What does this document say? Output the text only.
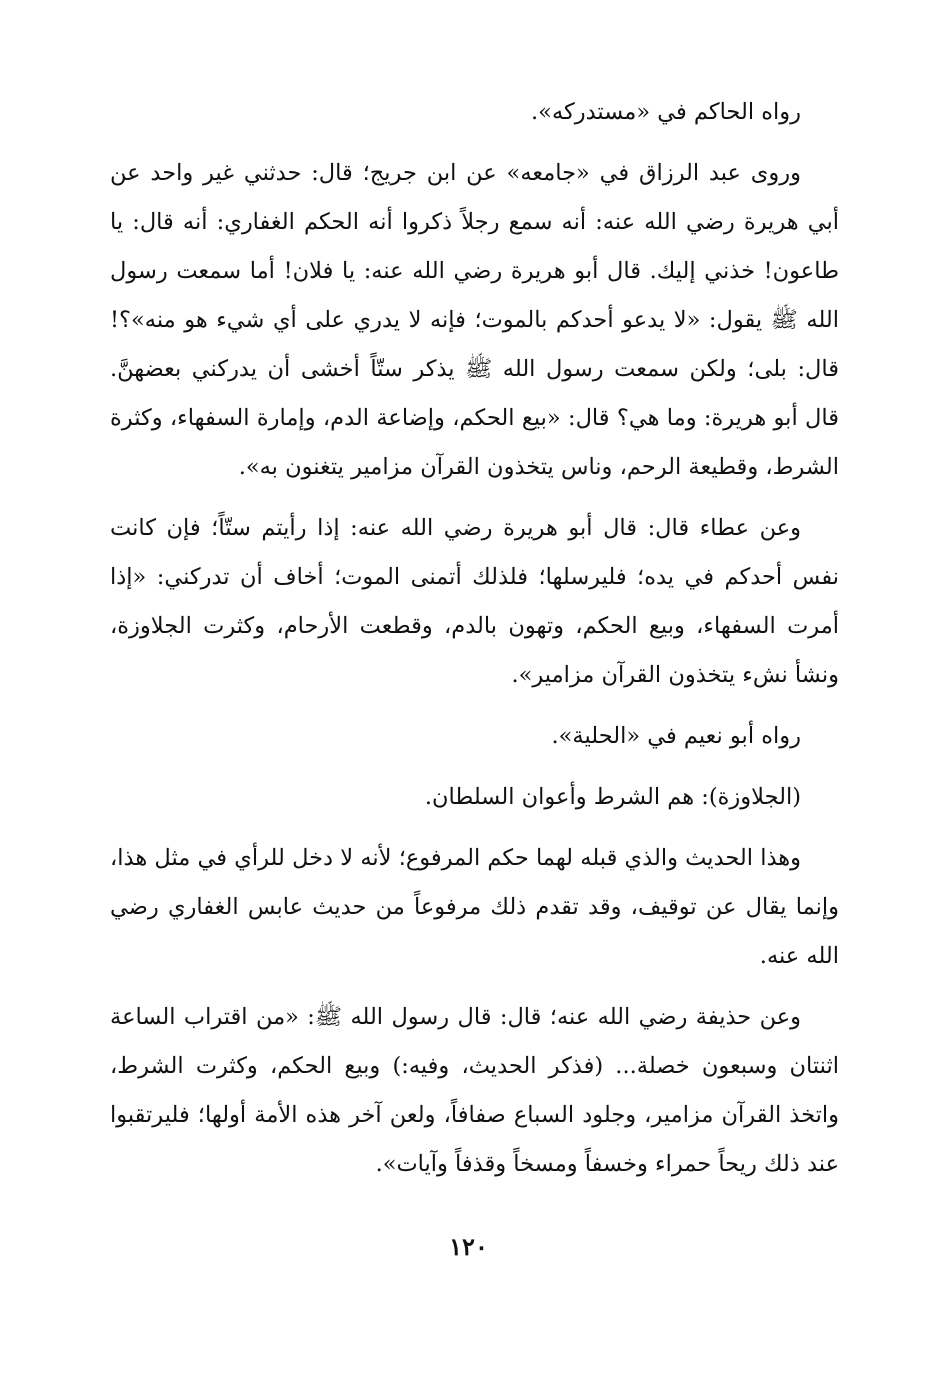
رواه الحاكم في «مستدركه».

وروى عبد الرزاق في «جامعه» عن ابن جريج؛ قال: حدثني غير واحد عن أبي هريرة رضي الله عنه: أنه سمع رجلاً ذكروا أنه الحكم الغفاري: أنه قال: يا طاعون! خذني إليك. قال أبو هريرة رضي الله عنه: يا فلان! أما سمعت رسول الله ﷺ يقول: «لا يدعو أحدكم بالموت؛ فإنه لا يدري على أي شيء هو منه»؟! قال: بلى؛ ولكن سمعت رسول الله ﷺ يذكر ستّاً أخشى أن يدركني بعضهنَّ. قال أبو هريرة: وما هي؟ قال: «بيع الحكم، وإضاعة الدم، وإمارة السفهاء، وكثرة الشرط، وقطيعة الرحم، وناس يتخذون القرآن مزامير يتغنون به».

وعن عطاء قال: قال أبو هريرة رضي الله عنه: إذا رأيتم ستّاً؛ فإن كانت نفس أحدكم في يده؛ فليرسلها؛ فلذلك أتمنى الموت؛ أخاف أن تدركني: «إذا أمرت السفهاء، وبيع الحكم، وتهون بالدم، وقطعت الأرحام، وكثرت الجلاوزة، ونشأ نشء يتخذون القرآن مزامير».

رواه أبو نعيم في «الحلية».

(الجلاوزة): هم الشرط وأعوان السلطان.

وهذا الحديث والذي قبله لهما حكم المرفوع؛ لأنه لا دخل للرأي في مثل هذا، وإنما يقال عن توقيف، وقد تقدم ذلك مرفوعاً من حديث عابس الغفاري رضي الله عنه.

وعن حذيفة رضي الله عنه؛ قال: قال رسول الله ﷺ: «من اقتراب الساعة اثنتان وسبعون خصلة... (فذكر الحديث، وفيه:) وبيع الحكم، وكثرت الشرط، واتخذ القرآن مزامير، وجلود السباع صفافاً، ولعن آخر هذه الأمة أولها؛ فليرتقبوا عند ذلك ريحاً حمراء وخسفاً ومسخاً وقذفاً وآيات».

١٢٠
